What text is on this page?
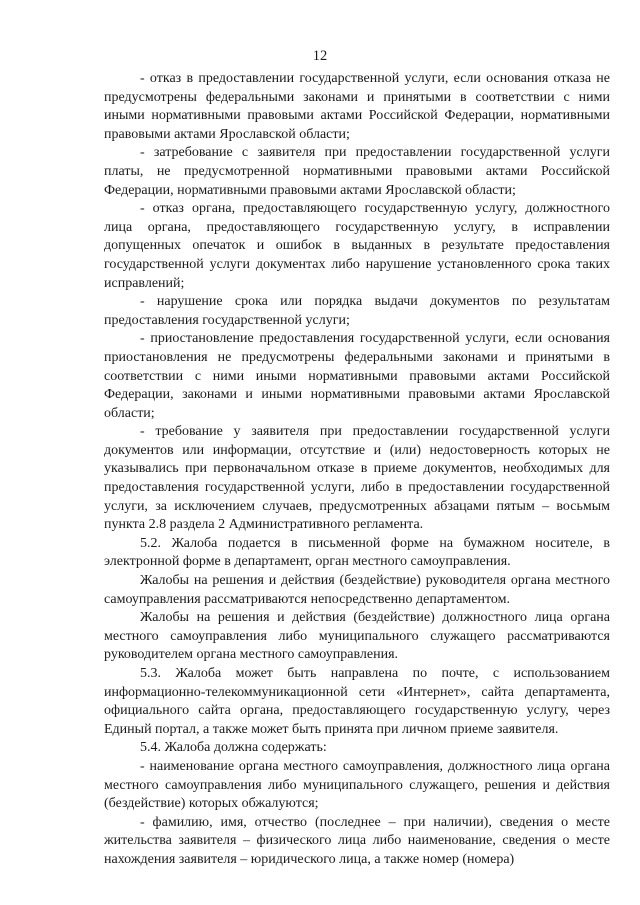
12

- отказ в предоставлении государственной услуги, если основания отказа не предусмотрены федеральными законами и принятыми в соответствии с ними иными нормативными правовыми актами Российской Федерации, нормативными правовыми актами Ярославской области;

- затребование с заявителя при предоставлении государственной услуги платы, не предусмотренной нормативными правовыми актами Российской Федерации, нормативными правовыми актами Ярославской области;

- отказ органа, предоставляющего государственную услугу, должностного лица органа, предоставляющего государственную услугу, в исправлении допущенных опечаток и ошибок в выданных в результате предоставления государственной услуги документах либо нарушение установленного срока таких исправлений;

- нарушение срока или порядка выдачи документов по результатам предоставления государственной услуги;

- приостановление предоставления государственной услуги, если основания приостановления не предусмотрены федеральными законами и принятыми в соответствии с ними иными нормативными правовыми актами Российской Федерации, законами и иными нормативными правовыми актами Ярославской области;

- требование у заявителя при предоставлении государственной услуги документов или информации, отсутствие и (или) недостоверность которых не указывались при первоначальном отказе в приеме документов, необходимых для предоставления государственной услуги, либо в предоставлении государственной услуги, за исключением случаев, предусмотренных абзацами пятым – восьмым пункта 2.8 раздела 2 Административного регламента.

5.2. Жалоба подается в письменной форме на бумажном носителе, в электронной форме в департамент, орган местного самоуправления.

Жалобы на решения и действия (бездействие) руководителя органа местного самоуправления рассматриваются непосредственно департаментом.

Жалобы на решения и действия (бездействие) должностного лица органа местного самоуправления либо муниципального служащего рассматриваются руководителем органа местного самоуправления.

5.3. Жалоба может быть направлена по почте, с использованием информационно-телекоммуникационной сети «Интернет», сайта департамента, официального сайта органа, предоставляющего государственную услугу, через Единый портал, а также может быть принята при личном приеме заявителя.

5.4. Жалоба должна содержать:

- наименование органа местного самоуправления, должностного лица органа местного самоуправления либо муниципального служащего, решения и действия (бездействие) которых обжалуются;

- фамилию, имя, отчество (последнее – при наличии), сведения о месте жительства заявителя – физического лица либо наименование, сведения о месте нахождения заявителя – юридического лица, а также номер (номера)
